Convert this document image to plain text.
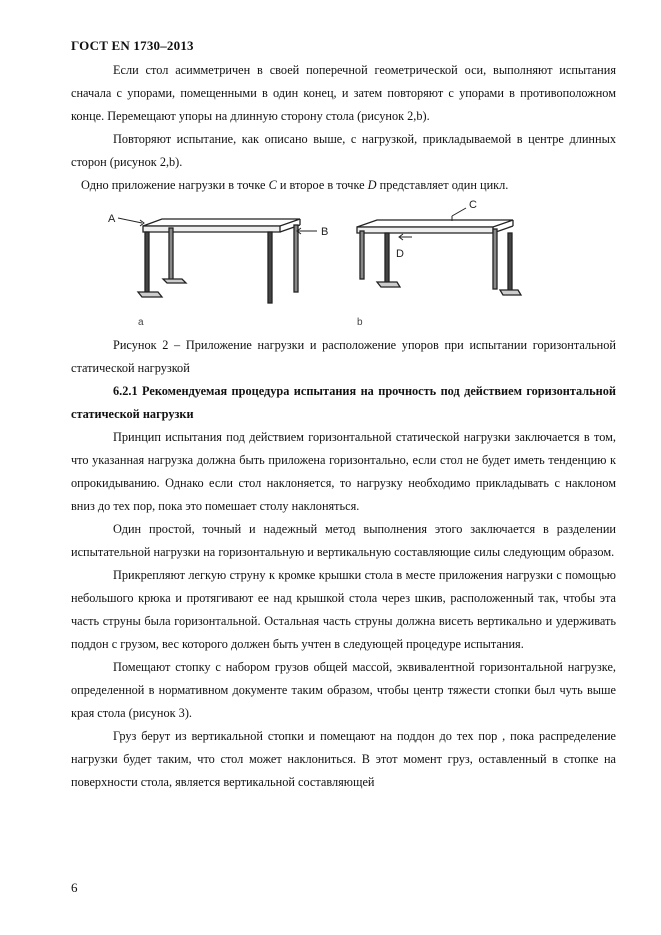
ГОСТ EN 1730–2013

Если стол асимметричен в своей поперечной геометрической оси, выполняют испытания сначала с упорами, помещенными в один конец, и затем повторяют с упорами в противоположном конце. Перемещают упоры на длинную сторону стола (рисунок 2,b).

Повторяют испытание, как описано выше, с нагрузкой, прикладываемой в центре длинных сторон (рисунок 2,b).

Одно приложение нагрузки в точке C и второе в точке D представляет один цикл.

A
B
C
D
a	b

Рисунок 2 – Приложение нагрузки и расположение упоров при испытании горизонтальной статической нагрузкой

6.2.1 Рекомендуемая процедура испытания на прочность под действием горизонтальной статической нагрузки

Принцип испытания под действием горизонтальной статической нагрузки заключается в том, что указанная нагрузка должна быть приложена горизонтально, если стол не будет иметь тенденцию к опрокидыванию. Однако если стол наклоняется, то нагрузку необходимо прикладывать с наклоном вниз до тех пор, пока это помешает столу наклоняться.

Один простой, точный и надежный метод выполнения этого заключается в разделении испытательной нагрузки на горизонтальную и вертикальную составляющие силы следующим образом.

Прикрепляют легкую струну к кромке крышки стола в месте приложения нагрузки с помощью небольшого крюка и протягивают ее над крышкой стола через шкив, расположенный так, чтобы эта часть струны была горизонтальной. Остальная часть струны должна висеть вертикально и удерживать поддон с грузом, вес которого должен быть учтен в следующей процедуре испытания.

Помещают стопку с набором грузов общей массой, эквивалентной горизонтальной нагрузке, определенной в нормативном документе таким образом, чтобы центр тяжести стопки был чуть выше края стола (рисунок 3).

Груз берут из вертикальной стопки и помещают на поддон до тех пор , пока распределение нагрузки будет таким, что стол может наклониться. В этот момент груз, оставленный в стопке на поверхности стола, является вертикальной составляющей

6
